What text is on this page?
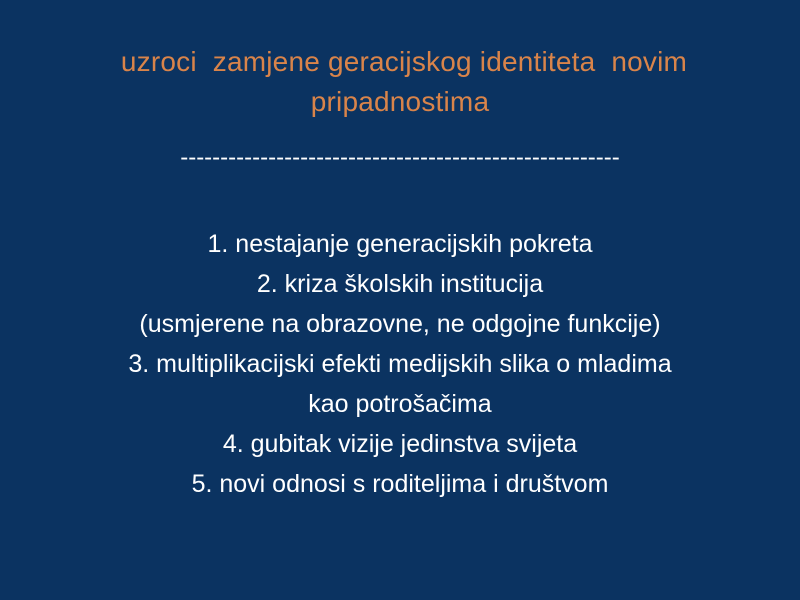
uzroci  zamjene geracijskog identiteta  novim
pripadnostima
-------------------------------------------------------
1. nestajanje generacijskih pokreta
2. kriza školskih institucija
(usmjerene na obrazovne, ne odgojne funkcije)
3. multiplikacijski efekti medijskih slika o mladima
kao potrošačima
4. gubitak vizije jedinstva svijeta
5. novi odnosi s roditeljima i društvom
